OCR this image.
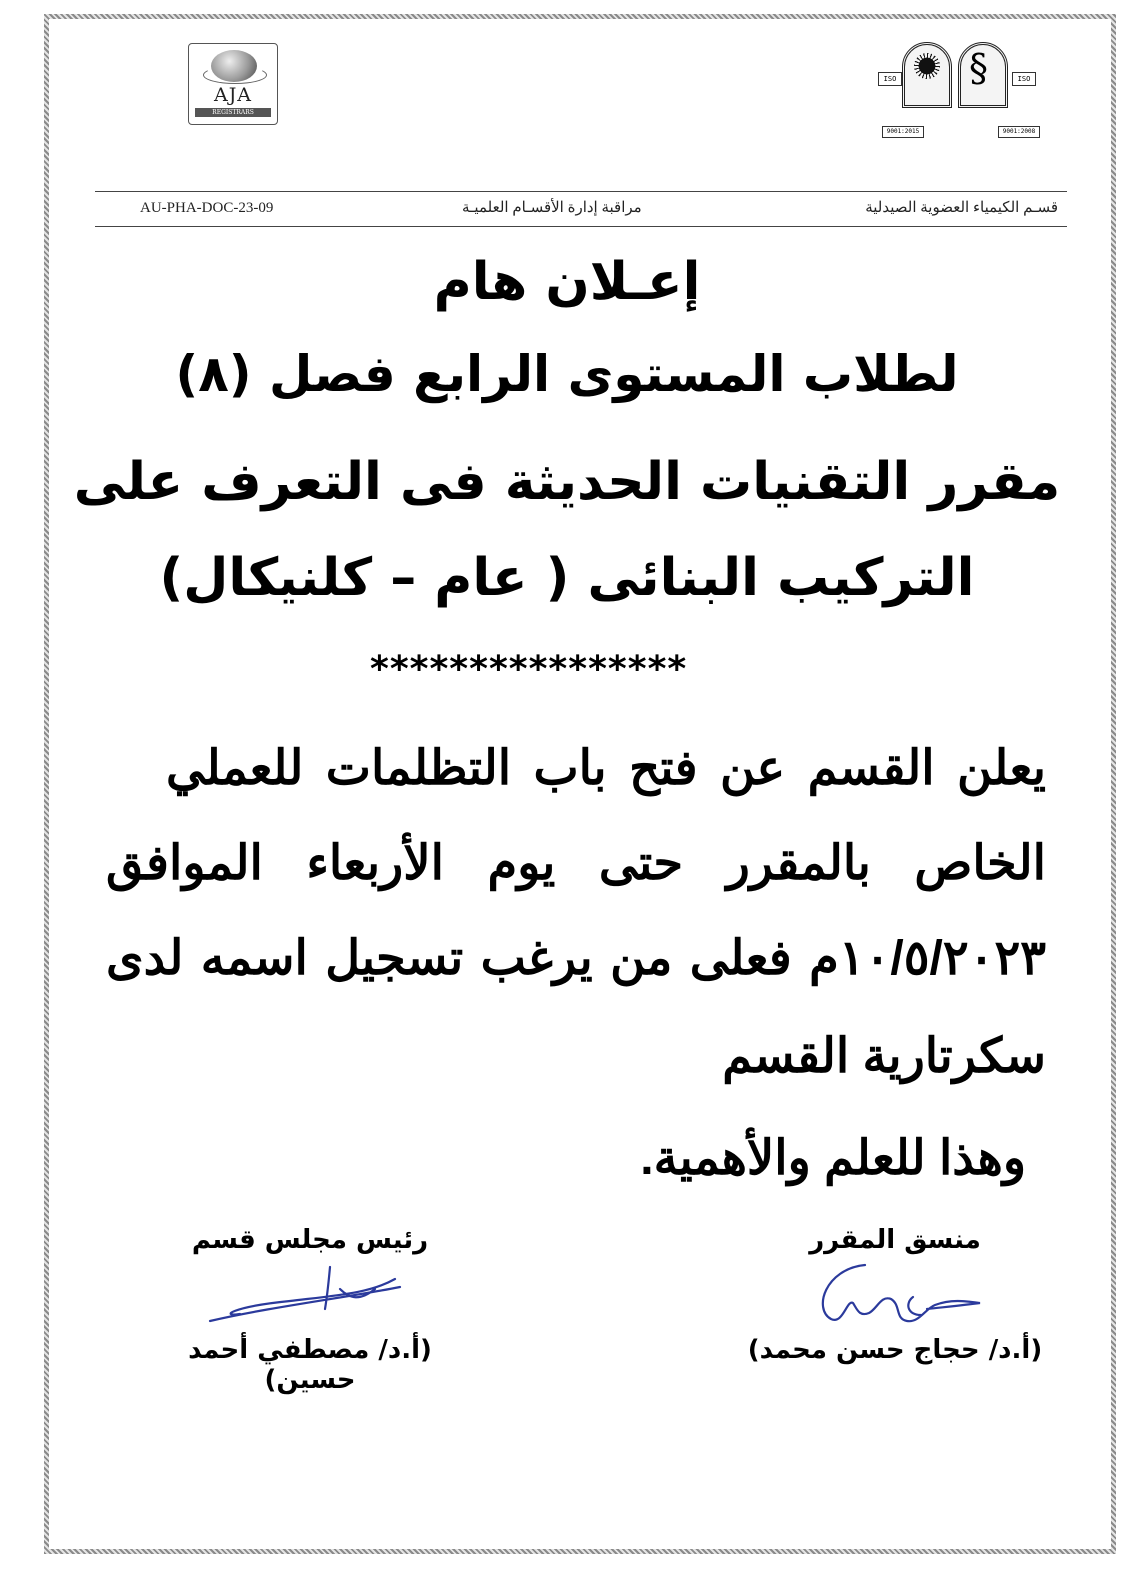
AJA
REGISTRARS
ISO §	ISO
9001:2015	9001:2008
AU-PHA-DOC-23-09	مراقبة إدارة الأقسـام العلميـة	قسـم الكيمياء العضوية الصيدلية
إعـلان هام
لطلاب المستوى الرابع فصل (٨)
مقرر التقنيات الحديثة فى التعرف على
التركيب البنائى ( عام – كلنيكال)
****************
يعلن القسم عن فتح باب التظلمات للعملي
الخاص بالمقرر حتى يوم الأربعاء الموافق
١٠/٥/٢٠٢٣م فعلى من يرغب تسجيل اسمه لدى
سكرتارية القسم
وهذا للعلم والأهمية.
رئيس مجلس قسم
(أ.د/ مصطفي أحمد حسين)
منسق المقرر
(أ.د/ حجاج حسن محمد)
